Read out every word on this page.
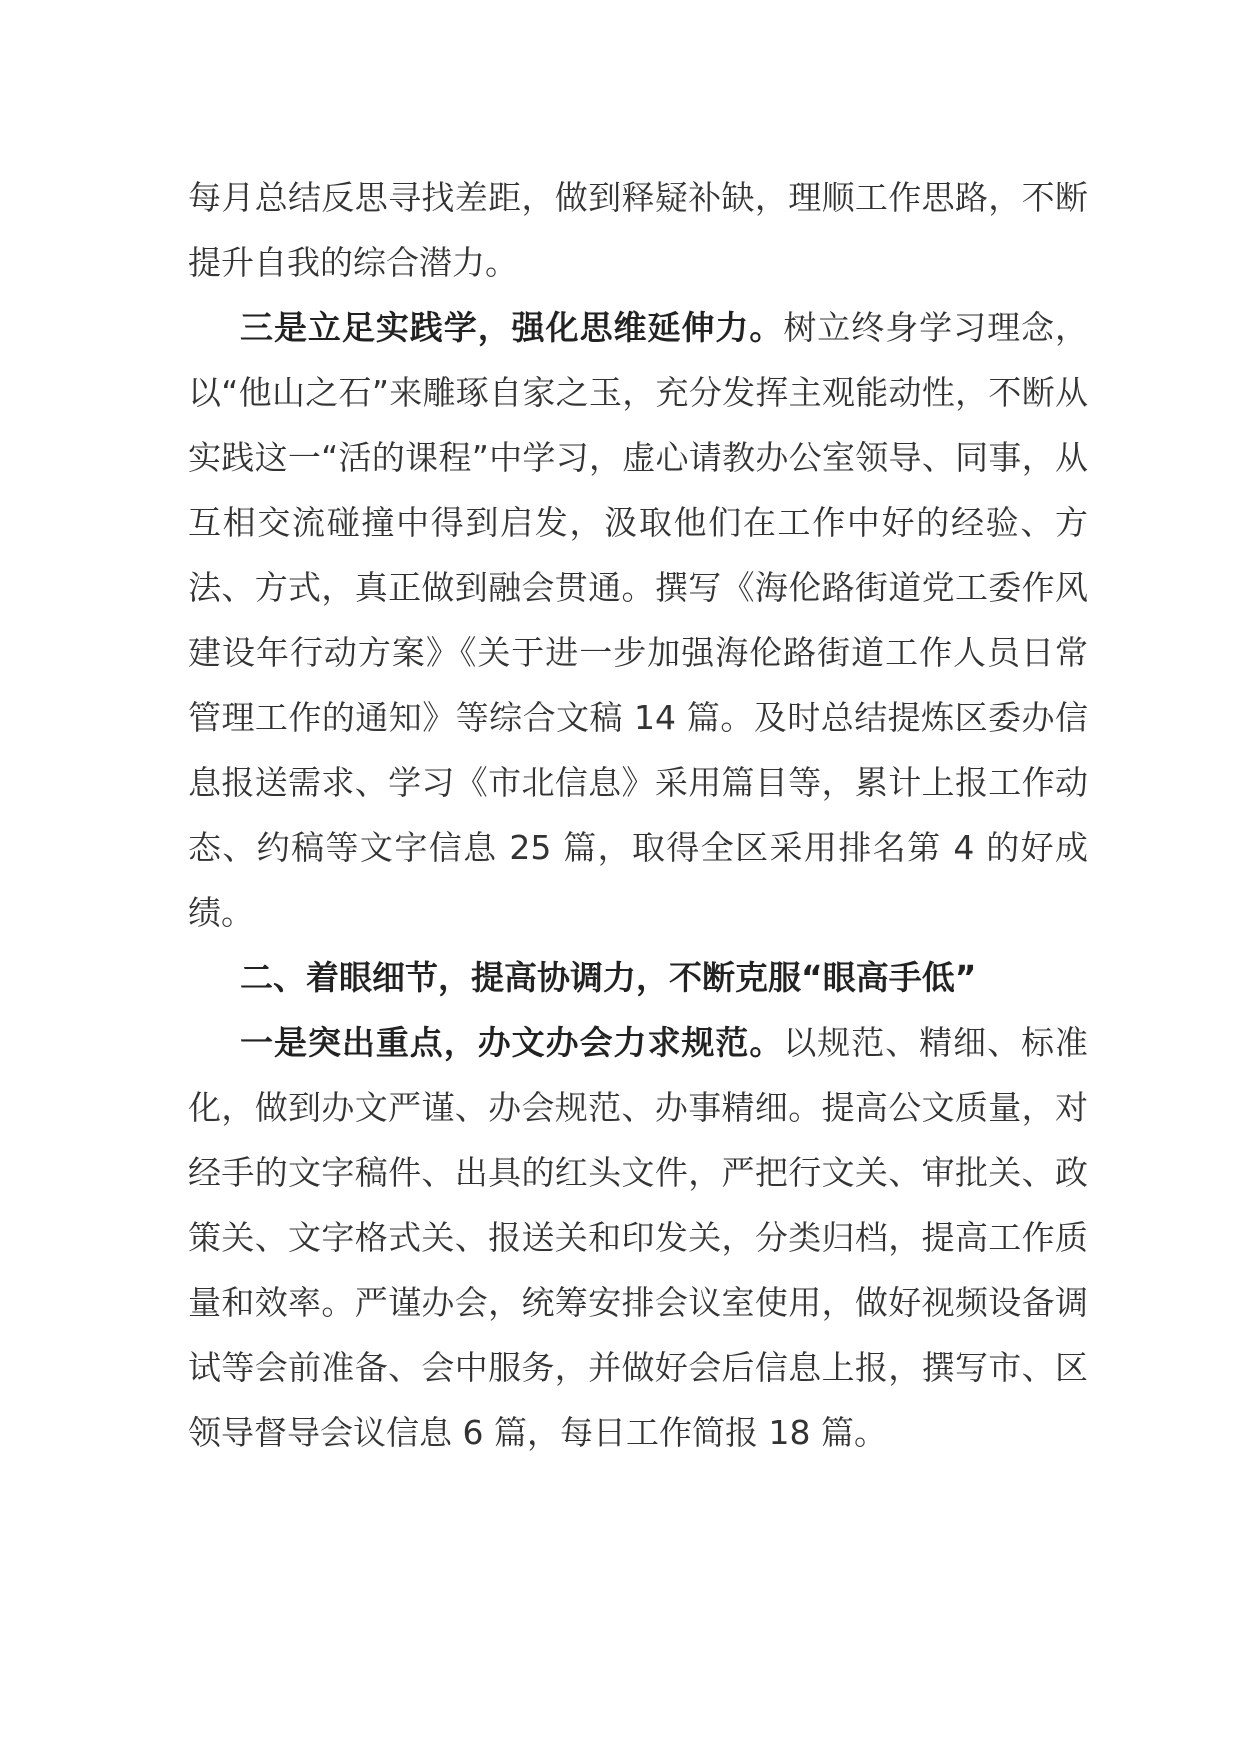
每月总结反思寻找差距，做到释疑补缺，理顺工作思路，不断提升自我的综合潜力。

三是立足实践学，强化思维延伸力。树立终身学习理念，以“他山之石”来雕琢自家之玉，充分发挥主观能动性，不断从实践这一“活的课程”中学习，虚心请教办公室领导、同事，从互相交流碰撞中得到启发，汲取他们在工作中好的经验、方法、方式，真正做到融会贯通。撰写《海伦路街道党工委作风建设年行动方案》《关于进一步加强海伦路街道工作人员日常管理工作的通知》等综合文稿 14 篇。及时总结提炼区委办信息报送需求、学习《市北信息》采用篇目等，累计上报工作动态、约稿等文字信息 25 篇，取得全区采用排名第 4 的好成绩。

二、着眼细节，提高协调力，不断克服“眼高手低”

一是突出重点，办文办会力求规范。以规范、精细、标准化，做到办文严谨、办会规范、办事精细。提高公文质量，对经手的文字稿件、出具的红头文件，严把行文关、审批关、政策关、文字格式关、报送关和印发关，分类归档，提高工作质量和效率。严谨办会，统筹安排会议室使用，做好视频设备调试等会前准备、会中服务，并做好会后信息上报，撰写市、区领导督导会议信息 6 篇，每日工作简报 18 篇。
